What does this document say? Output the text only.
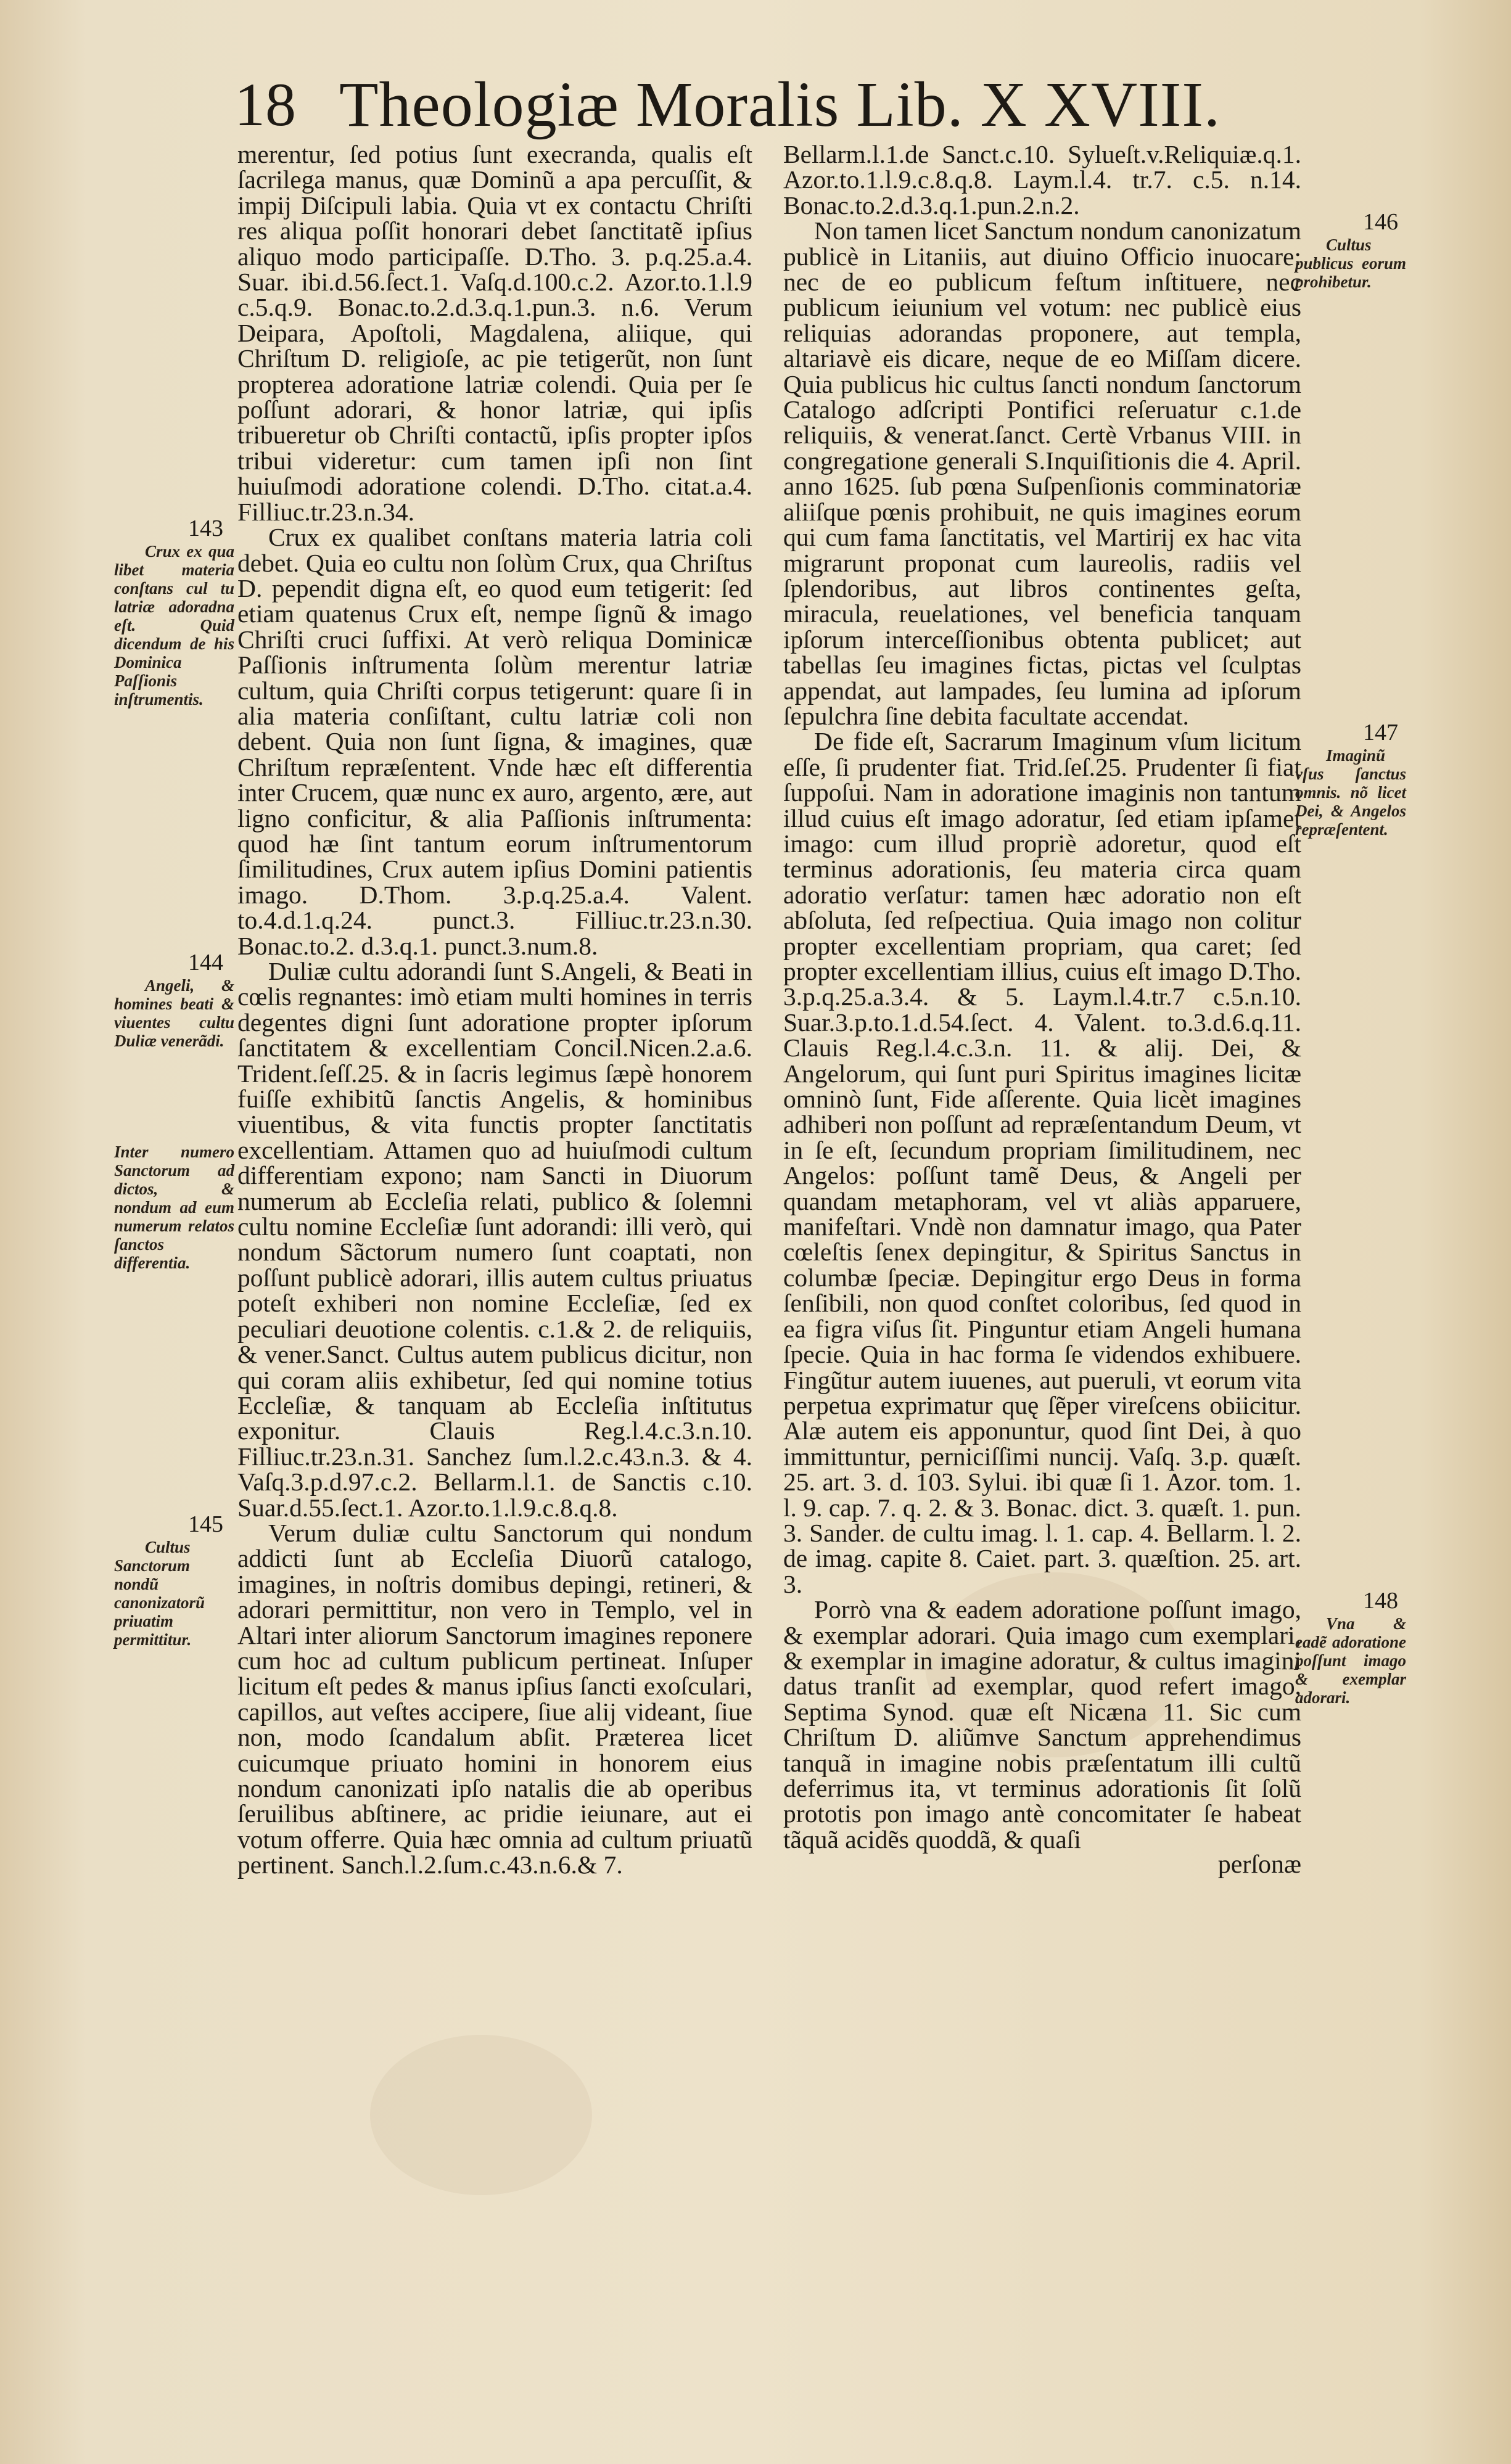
18 Theologiæ Moralis Lib. X XVIII.
merentur, ſed potius ſunt execranda, qualis eſt ſacrilega manus, quæ Dominũ a apa percuſſit, & impij Diſcipuli labia. Quia vt ex contactu Chriſti res aliqua poſſit honorari debet ſanctitatẽ ipſius aliquo modo participaſſe. D.Tho. 3. p.q.25.a.4. Suar. ibi.d.56.ſect.1. Vaſq.d.100.c.2. Azor.to.1.l.9 c.5.q.9. Bonac.to.2.d.3.q.1.pun.3. n.6. Verum Deipara, Apoſtoli, Magdalena, aliique, qui Chriſtum D. religioſe, ac pie tetigerũt, non ſunt propterea adoratione latriæ colendi. Quia per ſe poſſunt adorari, & honor latriæ, qui ipſis tribueretur ob Chriſti contactũ, ipſis propter ipſos tribui videretur: cum tamen ipſi non ſint huiuſmodi adoratione colendi. D.Tho. citat.a.4. Filliuc.tr.23.n.34.
143
Crux ex qua libet materia conſtans cul tu latriæ adoradna eſt. Quid dicendum de his Dominica Paſſionis inſtrumentis.
Crux ex qualibet conſtans materia latria coli debet. Quia eo cultu non ſolùm Crux, qua Chriſtus D. pependit digna eſt, eo quod eum tetigerit: ſed etiam quatenus Crux eſt, nempe ſignũ & imago Chriſti cruci ſuffixi. At verò reliqua Dominicæ Paſſionis inſtrumenta ſolùm merentur latriæ cultum, quia Chriſti corpus tetigerunt: quare ſi in alia materia conſiſtant, cultu latriæ coli non debent. Quia non ſunt ſigna, & imagines, quæ Chriſtum repræſentent. Vnde hæc eſt differentia inter Crucem, quæ nunc ex auro, argento, ære, aut ligno conficitur, & alia Paſſionis inſtrumenta: quod hæ ſint tantum eorum inſtrumentorum ſimilitudines, Crux autem ipſius Domini patientis imago. D.Thom. 3.p.q.25.a.4. Valent. to.4.d.1.q.24. punct.3. Filliuc.tr.23.n.30. Bonac.to.2. d.3.q.1. punct.3.num.8.
144
Angeli, & homines beati & viuentes cultu Duliæ venerãdi.

Inter numero Sanctorum ad dictos, & nondum ad eum numerum relatos ſanctos differentia.
Duliæ cultu adorandi ſunt S.Angeli, & Beati in cœlis regnantes: imò etiam multi homines in terris degentes digni ſunt adoratione propter ipſorum ſanctitatem & excellentiam Concil.Nicen.2.a.6. Trident.ſeſſ.25. & in ſacris legimus ſæpè honorem fuiſſe exhibitũ ſanctis Angelis, & hominibus viuentibus, & vita functis propter ſanctitatis excellentiam. Attamen quo ad huiuſmodi cultum differentiam expono; nam Sancti in Diuorum numerum ab Eccleſia relati, publico & ſolemni cultu nomine Eccleſiæ ſunt adorandi: illi verò, qui nondum Sãctorum numero ſunt coaptati, non poſſunt publicè adorari, illis autem cultus priuatus poteſt exhiberi non nomine Eccleſiæ, ſed ex peculiari deuotione colentis. c.1.& 2. de reliquiis, & vener.Sanct. Cultus autem publicus dicitur, non qui coram aliis exhibetur, ſed qui nomine totius Eccleſiæ, & tanquam ab Eccleſia inſtitutus exponitur. Clauis Reg.l.4.c.3.n.10. Filliuc.tr.23.n.31. Sanchez ſum.l.2.c.43.n.3. & 4. Vaſq.3.p.d.97.c.2. Bellarm.l.1. de Sanctis c.10. Suar.d.55.ſect.1. Azor.to.1.l.9.c.8.q.8.
145
Cultus Sanctorum nondũ canonizatorũ priuatim permittitur.
Verum duliæ cultu Sanctorum qui nondum addicti ſunt ab Eccleſia Diuorũ catalogo, imagines, in noſtris domibus depingi, retineri, & adorari permittitur, non vero in Templo, vel in Altari inter aliorum Sanctorum imagines reponere cum hoc ad cultum publicum pertineat. Inſuper licitum eſt pedes & manus ipſius ſancti exoſculari, capillos, aut veſtes accipere, ſiue alij videant, ſiue non, modo ſcandalum abſit. Præterea licet cuicumque priuato homini in honorem eius nondum canonizati ipſo natalis die ab operibus ſeruilibus abſtinere, ac pridie ieiunare, aut ei votum offerre. Quia hæc omnia ad cultum priuatũ pertinent. Sanch.l.2.ſum.c.43.n.6.& 7.
Bellarm.l.1.de Sanct.c.10. Sylueſt.v.Reliquiæ.q.1. Azor.to.1.l.9.c.8.q.8. Laym.l.4. tr.7. c.5. n.14. Bonac.to.2.d.3.q.1.pun.2.n.2.
146
Cultus publicus eorum prohibetur.
Non tamen licet Sanctum nondum canonizatum publicè in Litaniis, aut diuino Officio inuocare: nec de eo publicum feſtum inſtituere, nec publicum ieiunium vel votum: nec publicè eius reliquias adorandas proponere, aut templa, altariavè eis dicare, neque de eo Miſſam dicere. Quia publicus hic cultus ſancti nondum ſanctorum Catalogo adſcripti Pontifici reſeruatur c.1.de reliquiis, & venerat.ſanct. Certè Vrbanus VIII. in congregatione generali S.Inquiſitionis die 4. April. anno 1625. ſub pœna Suſpenſionis comminatoriæ aliiſque pœnis prohibuit, ne quis imagines eorum qui cum fama ſanctitatis, vel Martirij ex hac vita migrarunt proponat cum laureolis, radiis vel ſplendoribus, aut libros continentes geſta, miracula, reuelationes, vel beneficia tanquam ipſorum interceſſionibus obtenta publicet; aut tabellas ſeu imagines fictas, pictas vel ſculptas appendat, aut lampades, ſeu lumina ad ipſorum ſepulchra ſine debita facultate accendat.
147
Imaginũ vſus ſanctus omnis. nõ licet Dei, & Angelos repræſentent.
De fide eſt, Sacrarum Imaginum vſum licitum eſſe, ſi prudenter fiat. Trid.ſeſ.25. Prudenter ſi fiat ſuppoſui. Nam in adoratione imaginis non tantum illud cuius eſt imago adoratur, ſed etiam ipſamet imago: cum illud propriè adoretur, quod eſt terminus adorationis, ſeu materia circa quam adoratio verſatur: tamen hæc adoratio non eſt abſoluta, ſed reſpectiua. Quia imago non colitur propter excellentiam propriam, qua caret; ſed propter excellentiam illius, cuius eſt imago D.Tho. 3.p.q.25.a.3.4. & 5. Laym.l.4.tr.7 c.5.n.10. Suar.3.p.to.1.d.54.ſect. 4. Valent. to.3.d.6.q.11. Clauis Reg.l.4.c.3.n. 11. & alij. Dei, & Angelorum, qui ſunt puri Spiritus imagines licitæ omninò ſunt, Fide aſſerente. Quia licèt imagines adhiberi non poſſunt ad repræſentandum Deum, vt in ſe eſt, ſecundum propriam ſimilitudinem, nec Angelos: poſſunt tamẽ Deus, & Angeli per quandam metaphoram, vel vt aliàs apparuere, manifeſtari. Vndè non damnatur imago, qua Pater cœleſtis ſenex depingitur, & Spiritus Sanctus in columbæ ſpeciæ. Depingitur ergo Deus in forma ſenſibili, non quod conſtet coloribus, ſed quod in ea figra viſus ſit. Pinguntur etiam Angeli humana ſpecie. Quia in hac forma ſe videndos exhibuere. Fingũtur autem iuuenes, aut pueruli, vt eorum vita perpetua exprimatur quę ſẽper vireſcens obiicitur. Alæ autem eis apponuntur, quod ſint Dei, à quo immittuntur, perniciſſimi nuncij. Vaſq. 3.p. quæſt. 25. art. 3. d. 103. Sylui. ibi quæ ſi 1. Azor. tom. 1. l. 9. cap. 7. q. 2. & 3. Bonac. dict. 3. quæſt. 1. pun. 3. Sander. de cultu imag. l. 1. cap. 4. Bellarm. l. 2. de imag. capite 8. Caiet. part. 3. quæſtion. 25. art. 3.
148
Vna & eadẽ adoratione poſſunt imago & exemplar adorari.
Porrò vna & eadem adoratione poſſunt imago, & exemplar adorari. Quia imago cum exemplari, & exemplar in imagine adoratur, & cultus imagini datus tranſit ad exemplar, quod refert imago, Septima Synod. quæ eſt Nicæna 11. Sic cum Chriſtum D. aliũmve Sanctum apprehendimus tanquã in imagine nobis præſentatum illi cultũ deferrimus ita, vt terminus adorationis ſit ſolũ prototis pon imago antè concomitater ſe habeat tãquã acidẽs quoddã, & quaſi
perſonæ
